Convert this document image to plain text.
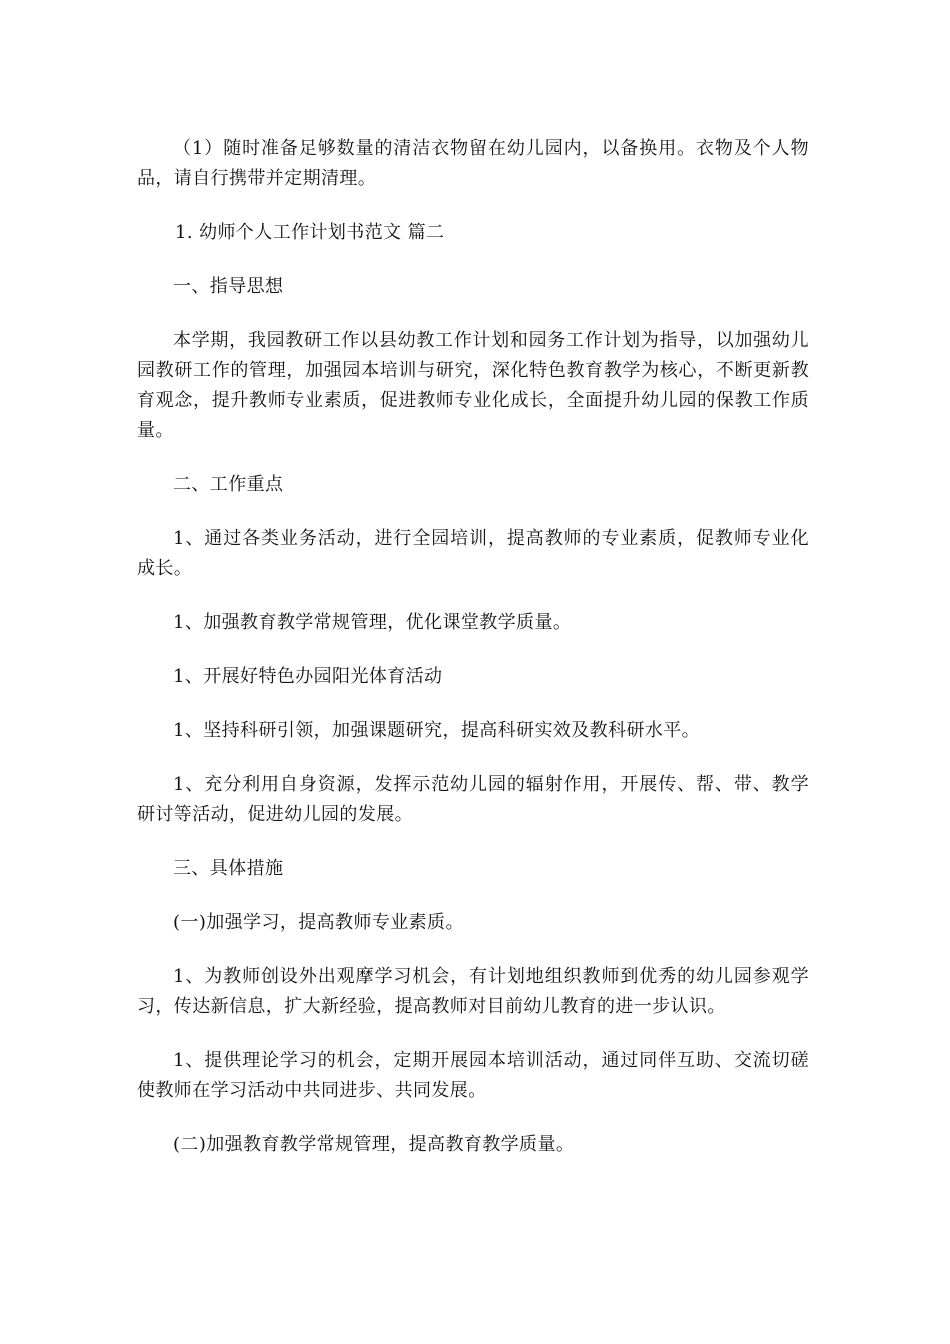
（1）随时准备足够数量的清洁衣物留在幼儿园内，以备换用。衣物及个人物品，请自行携带并定期清理。

1. 幼师个人工作计划书范文 篇二

一、指导思想

本学期，我园教研工作以县幼教工作计划和园务工作计划为指导，以加强幼儿园教研工作的管理，加强园本培训与研究，深化特色教育教学为核心，不断更新教育观念，提升教师专业素质，促进教师专业化成长，全面提升幼儿园的保教工作质量。

二、工作重点

1、通过各类业务活动，进行全园培训，提高教师的专业素质，促教师专业化成长。

1、加强教育教学常规管理，优化课堂教学质量。

1、开展好特色办园阳光体育活动

1、坚持科研引领，加强课题研究，提高科研实效及教科研水平。

1、充分利用自身资源，发挥示范幼儿园的辐射作用，开展传、帮、带、教学研讨等活动，促进幼儿园的发展。

三、具体措施

(一)加强学习，提高教师专业素质。

1、为教师创设外出观摩学习机会，有计划地组织教师到优秀的幼儿园参观学习，传达新信息，扩大新经验，提高教师对目前幼儿教育的进一步认识。

1、提供理论学习的机会，定期开展园本培训活动，通过同伴互助、交流切磋使教师在学习活动中共同进步、共同发展。

(二)加强教育教学常规管理，提高教育教学质量。
